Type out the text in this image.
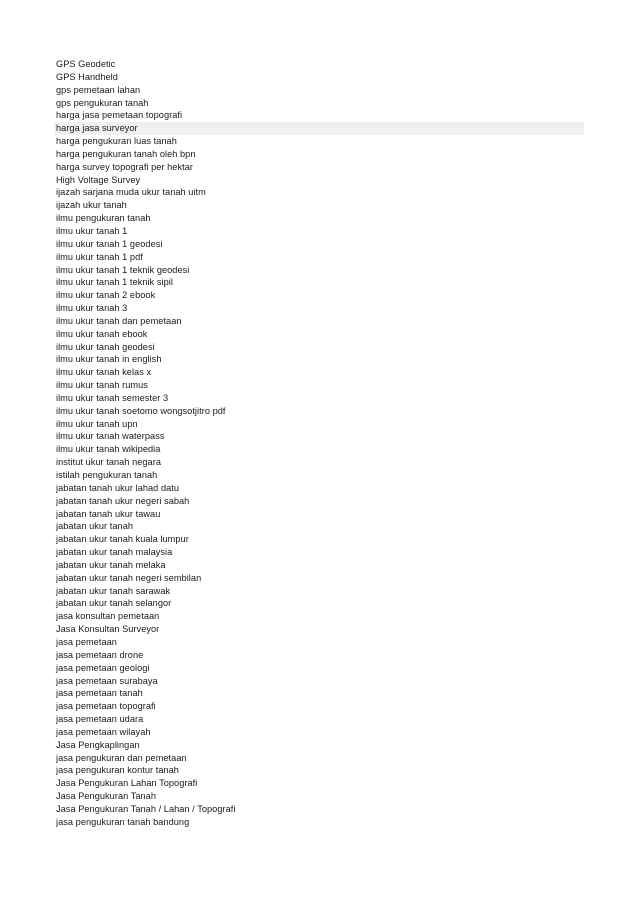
GPS Geodetic
GPS Handheld
gps pemetaan lahan
gps pengukuran tanah
harga jasa pemetaan topografi
harga jasa surveyor
harga pengukuran luas tanah
harga pengukuran tanah oleh bpn
harga survey topografi per hektar
High Voltage Survey
ijazah sarjana muda ukur tanah uitm
ijazah ukur tanah
ilmu pengukuran tanah
ilmu ukur tanah 1
ilmu ukur tanah 1 geodesi
ilmu ukur tanah 1 pdf
ilmu ukur tanah 1 teknik geodesi
ilmu ukur tanah 1 teknik sipil
ilmu ukur tanah 2 ebook
ilmu ukur tanah 3
ilmu ukur tanah dan pemetaan
ilmu ukur tanah ebook
ilmu ukur tanah geodesi
ilmu ukur tanah in english
ilmu ukur tanah kelas x
ilmu ukur tanah rumus
ilmu ukur tanah semester 3
ilmu ukur tanah soetomo wongsotjitro pdf
ilmu ukur tanah upn
ilmu ukur tanah waterpass
ilmu ukur tanah wikipedia
institut ukur tanah negara
istilah pengukuran tanah
jabatan tanah ukur lahad datu
jabatan tanah ukur negeri sabah
jabatan tanah ukur tawau
jabatan ukur tanah
jabatan ukur tanah kuala lumpur
jabatan ukur tanah malaysia
jabatan ukur tanah melaka
jabatan ukur tanah negeri sembilan
jabatan ukur tanah sarawak
jabatan ukur tanah selangor
jasa konsultan pemetaan
Jasa Konsultan Surveyor
jasa pemetaan
jasa pemetaan drone
jasa pemetaan geologi
jasa pemetaan surabaya
jasa pemetaan tanah
jasa pemetaan topografi
jasa pemetaan udara
jasa pemetaan wilayah
Jasa Pengkaplingan
jasa pengukuran dan pemetaan
jasa pengukuran kontur tanah
Jasa Pengukuran Lahan Topografi
Jasa Pengukuran Tanah
Jasa Pengukuran Tanah / Lahan / Topografi
jasa pengukuran tanah bandung
